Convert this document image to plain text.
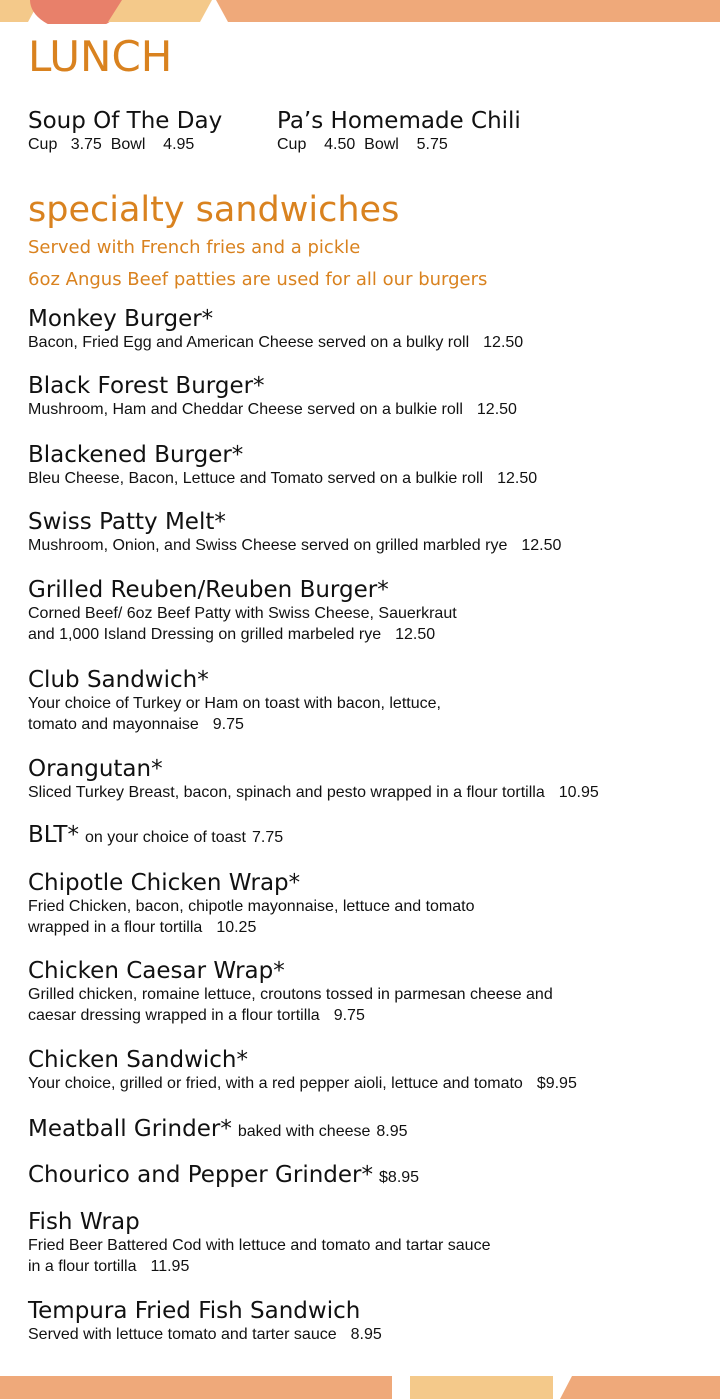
LUNCH
Soup Of The Day
Cup   3.75  Bowl    4.95
Pa’s Homemade Chili
Cup    4.50  Bowl    5.75
specialty sandwiches
Served with French fries and a pickle
6oz Angus Beef patties are used for all our burgers
Monkey Burger*
Bacon, Fried Egg and American Cheese served on a bulky roll 12.50
Black Forest Burger*
Mushroom, Ham and Cheddar Cheese served on a bulkie roll 12.50
Blackened Burger*
Bleu Cheese, Bacon, Lettuce and Tomato served on a bulkie roll 12.50
Swiss Patty Melt*
Mushroom, Onion, and Swiss Cheese served on grilled marbled rye 12.50
Grilled Reuben/Reuben Burger*
Corned Beef/ 6oz Beef Patty with Swiss Cheese, Sauerkraut
and 1,000 Island Dressing on grilled marbeled rye 12.50
Club Sandwich*
Your choice of Turkey or Ham on toast with bacon, lettuce,
tomato and mayonnaise 9.75
Orangutan*
Sliced Turkey Breast, bacon, spinach and pesto wrapped in a flour tortilla 10.95
BLT* on your choice of toast 7.75
Chipotle Chicken Wrap*
Fried Chicken, bacon, chipotle mayonnaise, lettuce and tomato
wrapped in a flour tortilla 10.25
Chicken Caesar Wrap*
Grilled chicken, romaine lettuce, croutons tossed in parmesan cheese and
caesar dressing wrapped in a flour tortilla 9.75
Chicken Sandwich*
Your choice, grilled or fried, with a red pepper aioli, lettuce and tomato $9.95
Meatball Grinder* baked with cheese 8.95
Chourico and Pepper Grinder* $8.95
Fish Wrap
Fried Beer Battered Cod with lettuce and tomato and tartar sauce
in a flour tortilla 11.95
Tempura Fried Fish Sandwich
Served with lettuce tomato and tarter sauce 8.95
